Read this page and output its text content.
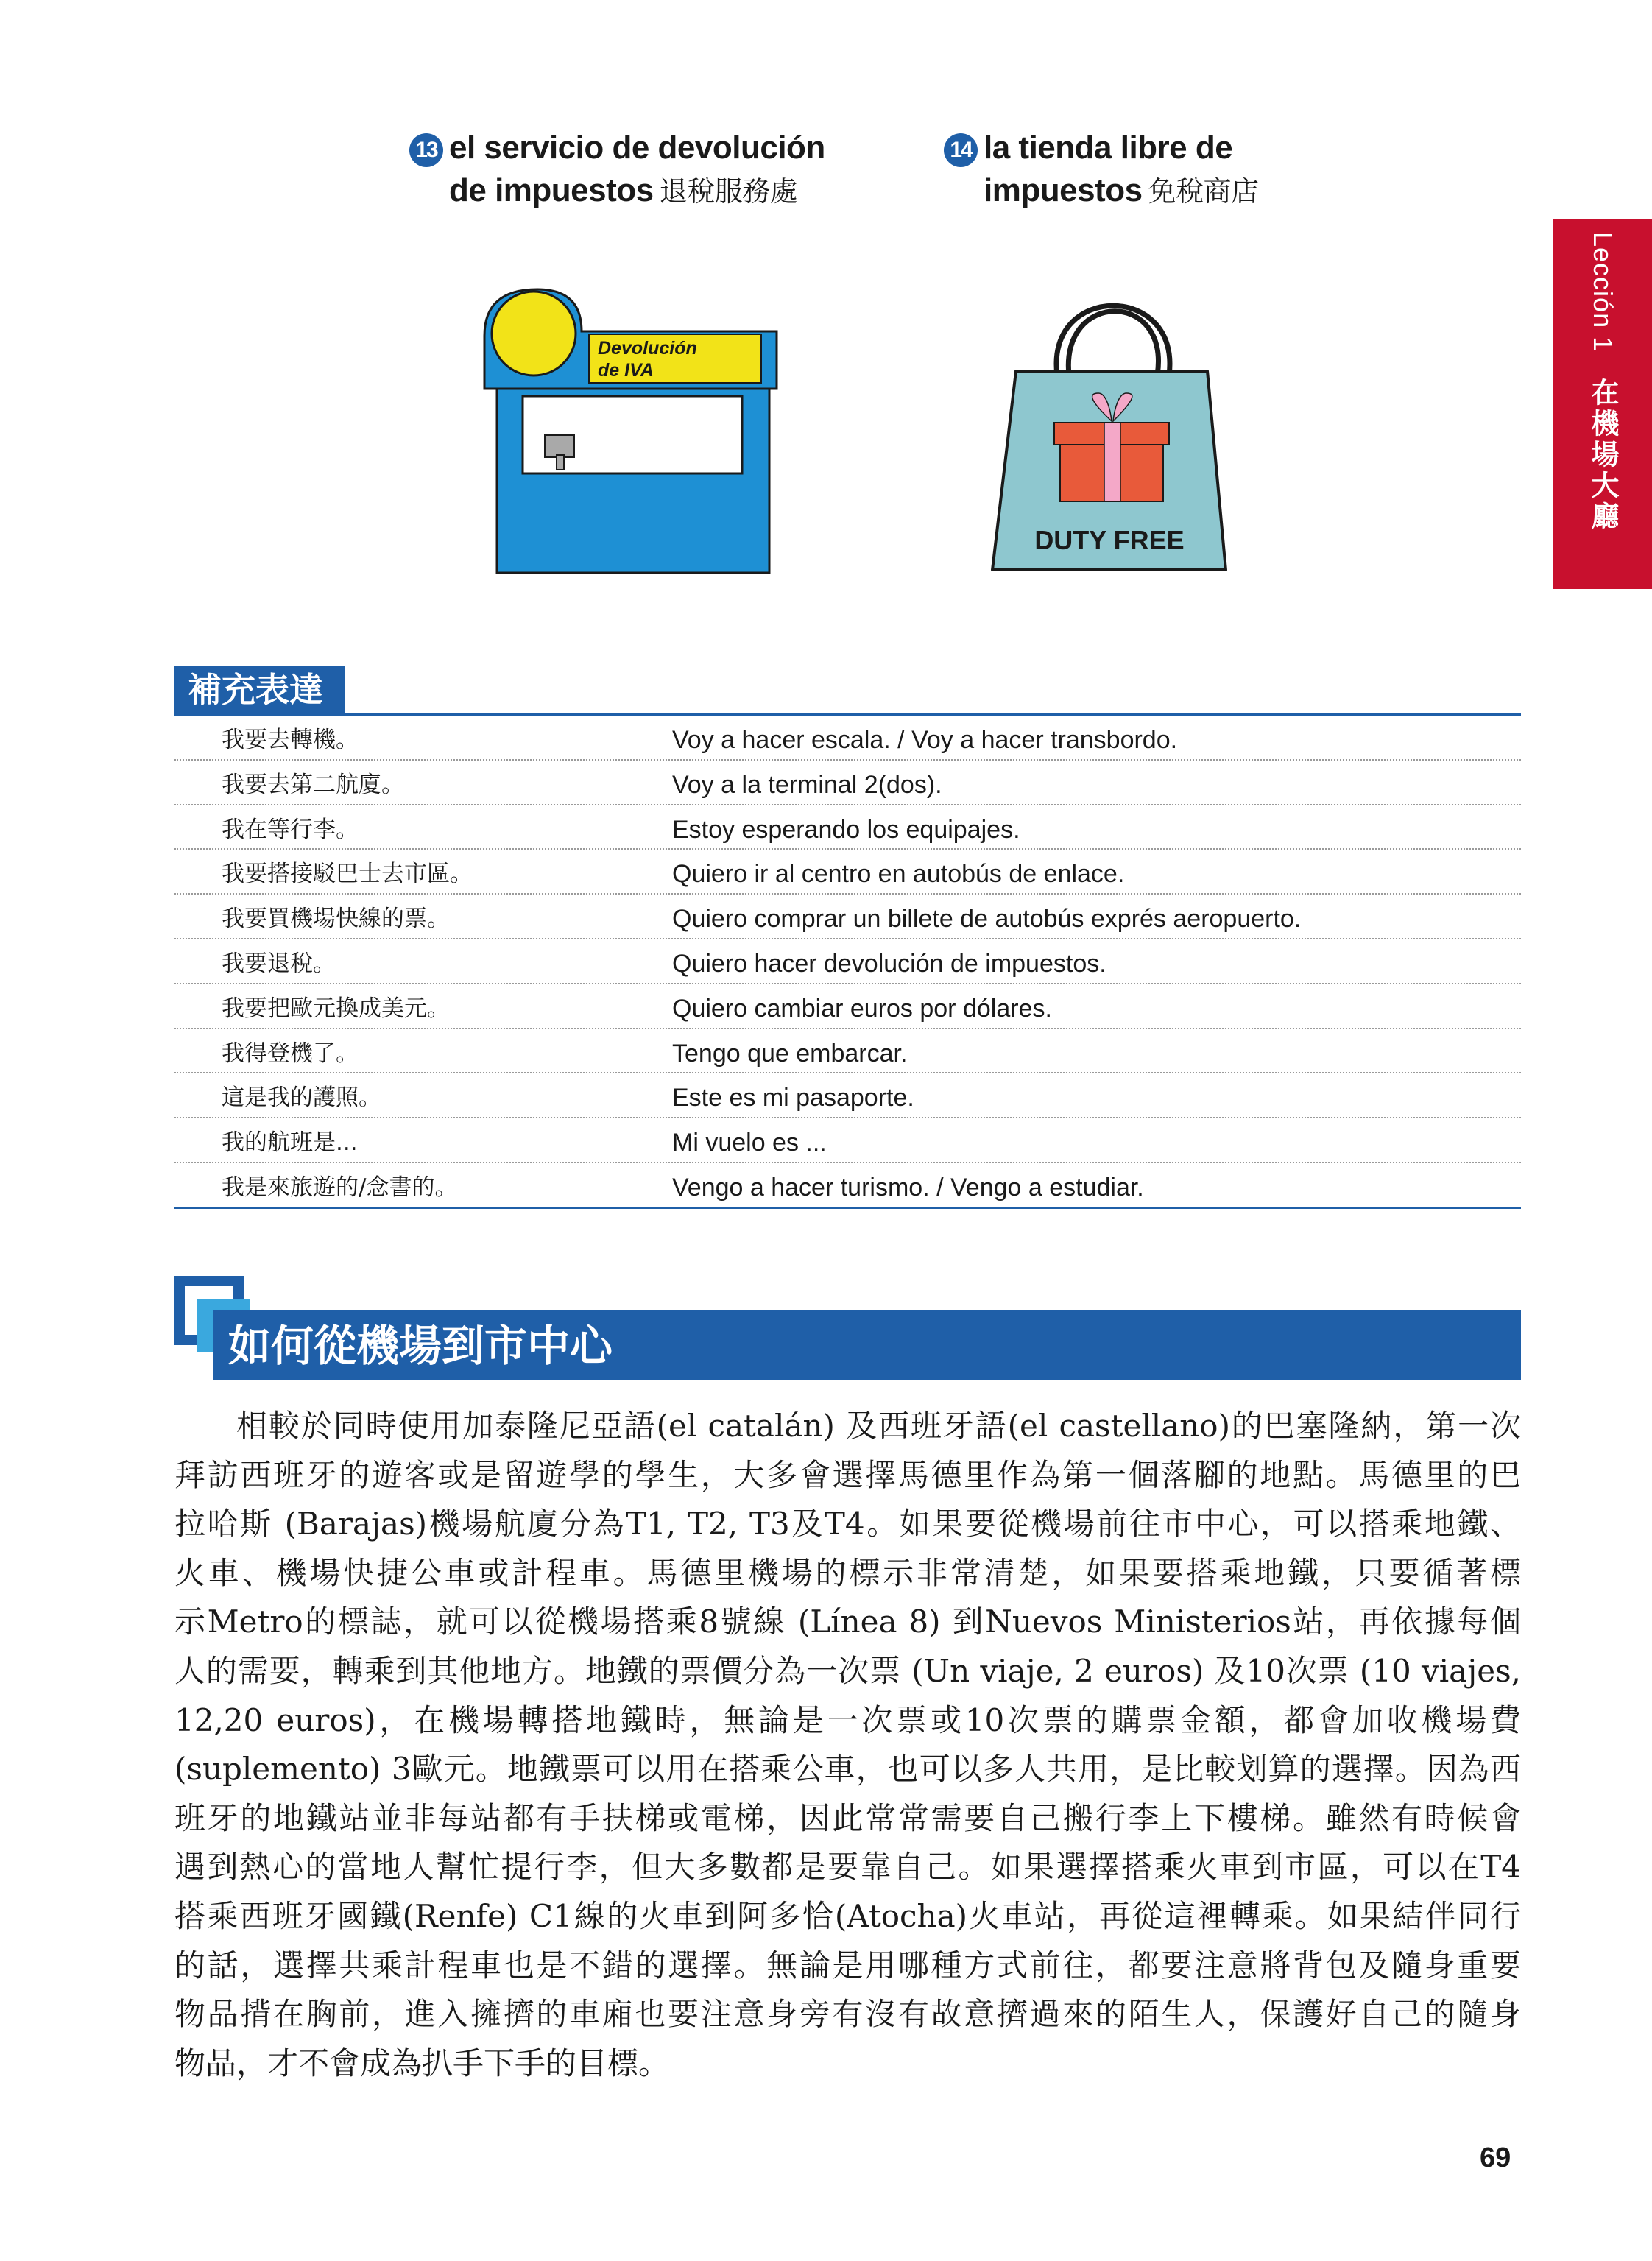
13 el servicio de devolución
de impuestos 退稅服務處
14 la tienda libre de
impuestos 免稅商店
Lección 1 在機場大廳
Devolución
de IVA
DUTY FREE
補充表達
我要去轉機。	Voy a hacer escala. / Voy a hacer transbordo.
我要去第二航廈。	Voy a la terminal 2(dos).
我在等行李。	Estoy esperando los equipajes.
我要搭接駁巴士去市區。	Quiero ir al centro en autobús de enlace.
我要買機場快線的票。	Quiero comprar un billete de autobús exprés aeropuerto.
我要退稅。	Quiero hacer devolución de impuestos.
我要把歐元換成美元。	Quiero cambiar euros por dólares.
我得登機了。	Tengo que embarcar.
這是我的護照。	Este es mi pasaporte.
我的航班是...	Mi vuelo es ...
我是來旅遊的/念書的。	Vengo a hacer turismo. / Vengo a estudiar.
如何從機場到市中心
相較於同時使用加泰隆尼亞語(el catalán) 及西班牙語(el castellano)的巴塞隆納，第一次
拜訪西班牙的遊客或是留遊學的學生，大多會選擇馬德里作為第一個落腳的地點。馬德里的巴
拉哈斯 (Barajas)機場航廈分為T1, T2, T3及T4。如果要從機場前往市中心，可以搭乘地鐵、
火車、機場快捷公車或計程車。馬德里機場的標示非常清楚，如果要搭乘地鐵，只要循著標
示Metro的標誌，就可以從機場搭乘8號線 (Línea 8) 到Nuevos Ministerios站，再依據每個
人的需要，轉乘到其他地方。地鐵的票價分為一次票 (Un viaje, 2 euros) 及10次票 (10 viajes,
12,20 euros)，在機場轉搭地鐵時，無論是一次票或10次票的購票金額，都會加收機場費
(suplemento) 3歐元。地鐵票可以用在搭乘公車，也可以多人共用，是比較划算的選擇。因為西
班牙的地鐵站並非每站都有手扶梯或電梯，因此常常需要自己搬行李上下樓梯。雖然有時候會
遇到熱心的當地人幫忙提行李，但大多數都是要靠自己。如果選擇搭乘火車到市區，可以在T4
搭乘西班牙國鐵(Renfe) C1線的火車到阿多恰(Atocha)火車站，再從這裡轉乘。如果結伴同行
的話，選擇共乘計程車也是不錯的選擇。無論是用哪種方式前往，都要注意將背包及隨身重要
物品揹在胸前，進入擁擠的車廂也要注意身旁有沒有故意擠過來的陌生人，保護好自己的隨身
物品，才不會成為扒手下手的目標。
69
